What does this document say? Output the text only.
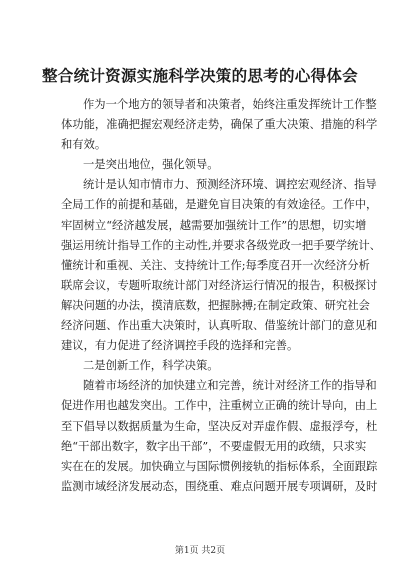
整合统计资源实施科学决策的思考的心得体会
作为一个地方的领导者和决策者，始终注重发挥统计工作整
体功能，准确把握宏观经济走势，确保了重大决策、措施的科学
和有效。
一是突出地位，强化领导。
统计是认知市情市力、预测经济环境、调控宏观经济、指导
全局工作的前提和基础，是避免盲目决策的有效途径。工作中，
牢固树立“经济越发展，越需要加强统计工作”的思想，切实增
强运用统计指导工作的主动性,并要求各级党政一把手要学统计、
懂统计和重视、关注、支持统计工作;每季度召开一次经济分析
联席会议，专题听取统计部门对经济运行情况的报告，积极探讨
解决问题的办法，摸清底数，把握脉搏;在制定政策、研究社会
经济问题、作出重大决策时，认真听取、借鉴统计部门的意见和
建议，有力促进了经济调控手段的选择和完善。
二是创新工作，科学决策。
随着市场经济的加快建立和完善，统计对经济工作的指导和
促进作用也越发突出。工作中，注重树立正确的统计导向，由上
至下倡导以数据质量为生命，坚决反对弄虚作假、虚报浮夸，杜
绝“干部出数字，数字出干部”，不要虚假无用的政绩，只求实
实在在的发展。加快确立与国际惯例接轨的指标体系，全面跟踪
监测市域经济发展动态，围绕重、难点问题开展专项调研，及时
第1页 共2页
